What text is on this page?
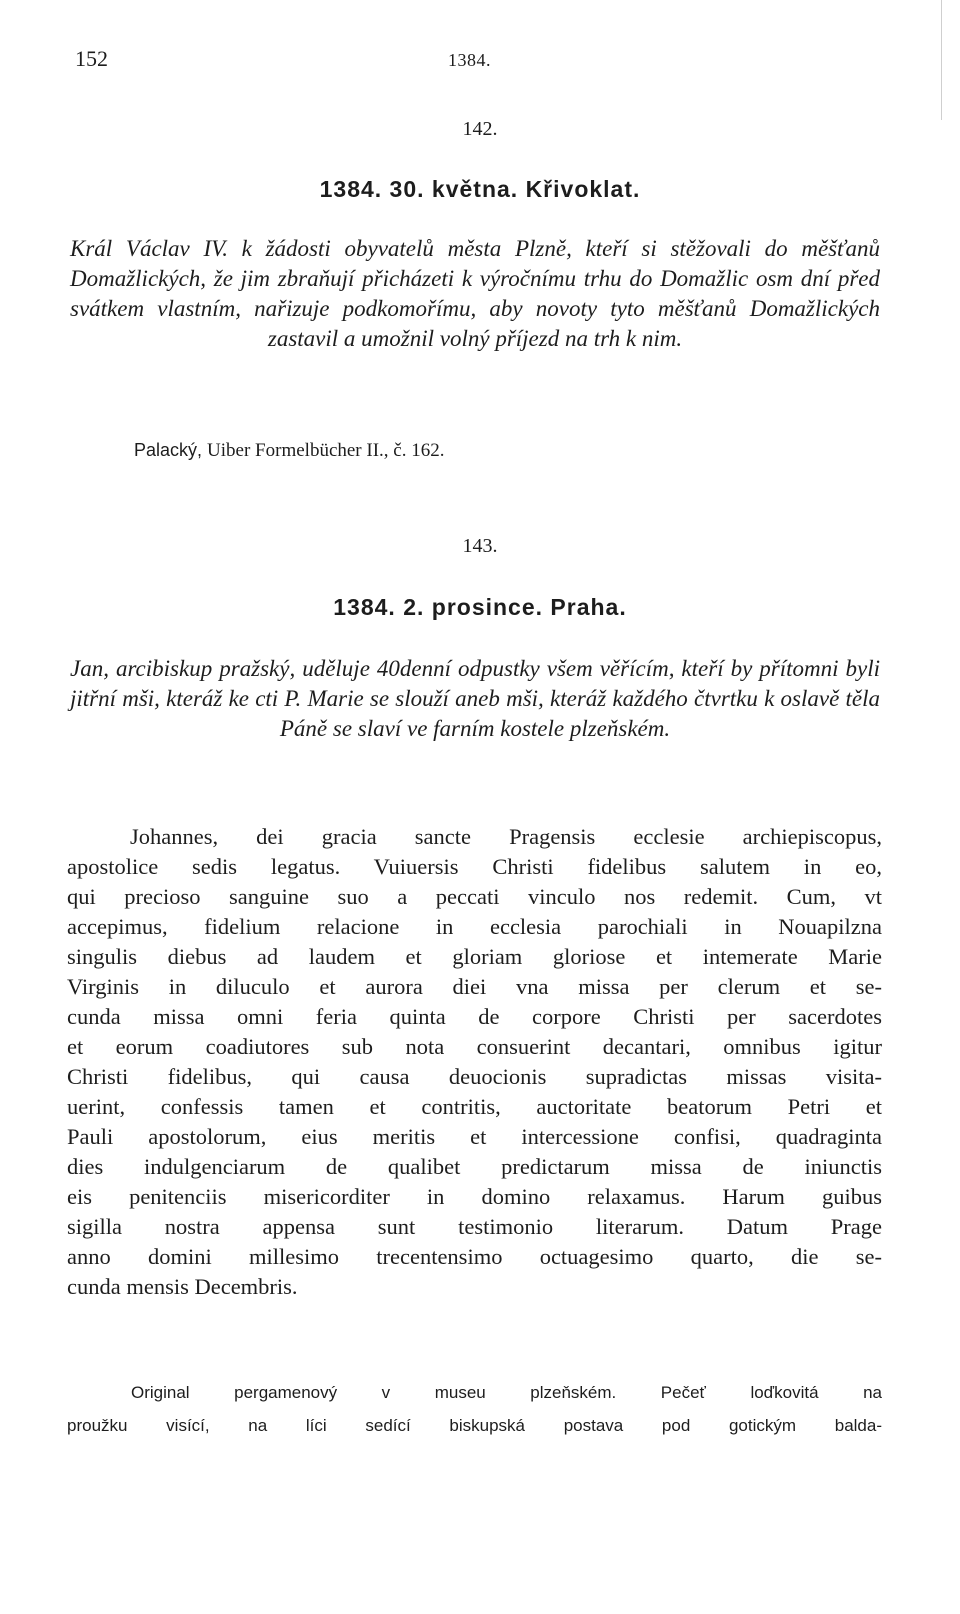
152	1384.
142.
1384. 30. května. Křivoklat.
Král Václav IV. k žádosti obyvatelů města Plzně, kteří si stěžovali do měšťanů Domažlických, že jim zbraňují přicházeti k výročnímu trhu do Domažlic osm dní před svátkem vlastním, nařizuje podkomořímu, aby novoty tyto měšťanů Domažlických zastavil a umožnil volný příjezd na trh k nim.
Palacký, Uiber Formelbücher II., č. 162.
143.
1384. 2. prosince. Praha.
Jan, arcibiskup pražský, uděluje 40denní odpustky všem věřícím, kteří by přítomni byli jitřní mši, kteráž ke cti P. Marie se slouží aneb mši, kteráž každého čtvrtku k oslavě těla Páně se slaví ve farním kostele plzeňském.
Johannes, dei gracia sancte Pragensis ecclesie archiepiscopus,
apostolice sedis legatus. Vuiuersis Christi fidelibus salutem in eo,
qui precioso sanguine suo a peccati vinculo nos redemit. Cum, vt
accepimus, fidelium relacione in ecclesia parochiali in Nouapilzna
singulis diebus ad laudem et gloriam gloriose et intemerate Marie
Virginis in diluculo et aurora diei vna missa per clerum et se-
cunda missa omni feria quinta de corpore Christi per sacerdotes
et eorum coadiutores sub nota consuerint decantari, omnibus igitur
Christi fidelibus, qui causa deuocionis supradictas missas visita-
uerint, confessis tamen et contritis, auctoritate beatorum Petri et
Pauli apostolorum, eius meritis et intercessione confisi, quadraginta
dies indulgenciarum de qualibet predictarum missa de iniunctis
eis penitenciis misericorditer in domino relaxamus. Harum guibus
sigilla nostra appensa sunt testimonio literarum. Datum Prage
anno domini millesimo trecentensimo octuagesimo quarto, die se-
cunda mensis Decembris.
Original pergamenový v museu plzeňském. Pečeť loďkovitá na
proužku visící, na líci sedící biskupská postava pod gotickým balda-
